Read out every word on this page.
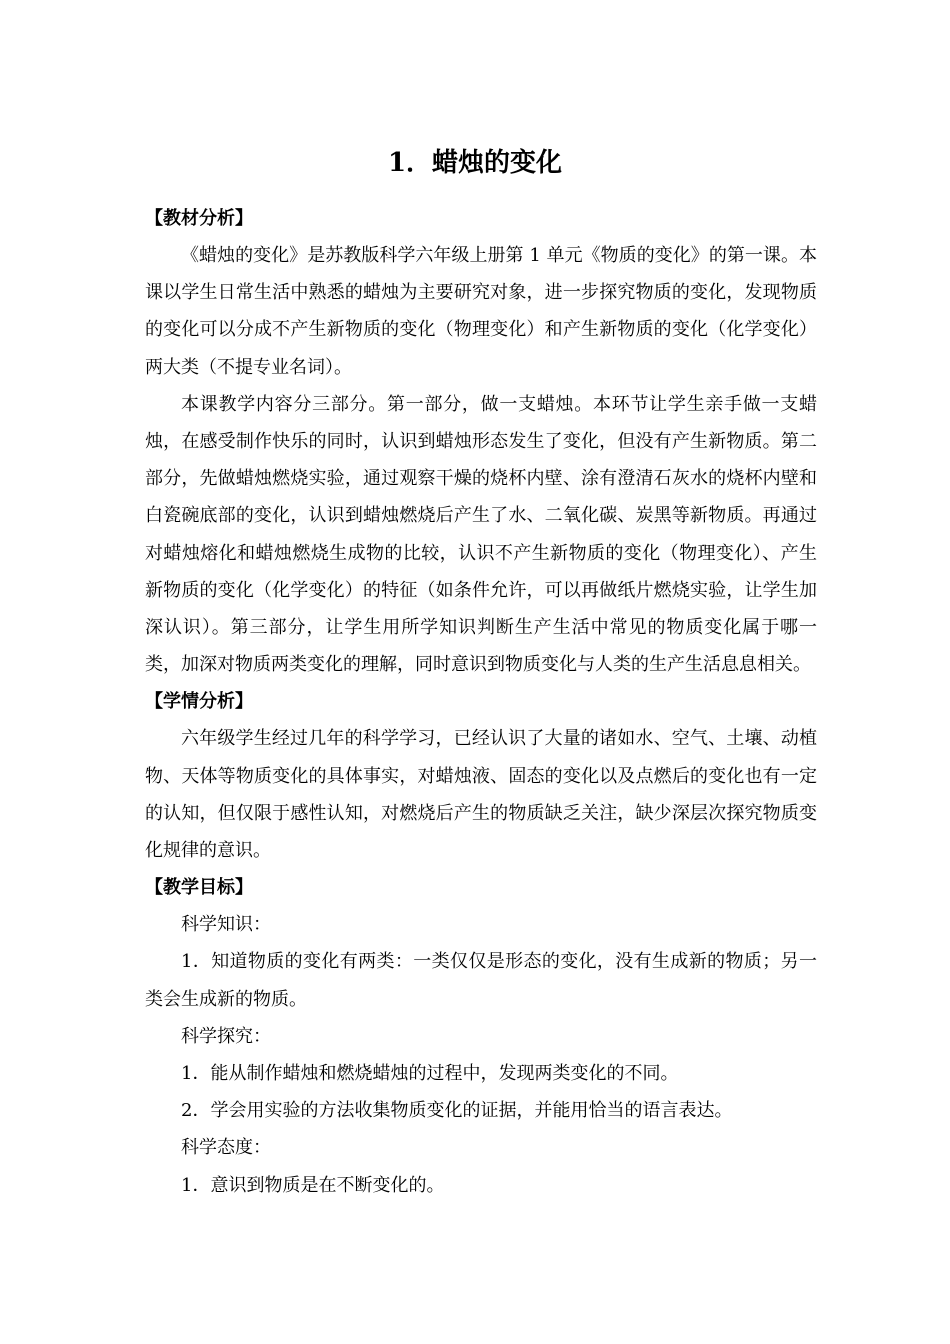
1．蜡烛的变化

【教材分析】

《蜡烛的变化》是苏教版科学六年级上册第 1 单元《物质的变化》的第一课。本课以学生日常生活中熟悉的蜡烛为主要研究对象，进一步探究物质的变化，发现物质的变化可以分成不产生新物质的变化（物理变化）和产生新物质的变化（化学变化）两大类（不提专业名词）。

本课教学内容分三部分。第一部分，做一支蜡烛。本环节让学生亲手做一支蜡烛，在感受制作快乐的同时，认识到蜡烛形态发生了变化，但没有产生新物质。第二部分，先做蜡烛燃烧实验，通过观察干燥的烧杯内壁、涂有澄清石灰水的烧杯内壁和白瓷碗底部的变化，认识到蜡烛燃烧后产生了水、二氧化碳、炭黑等新物质。再通过对蜡烛熔化和蜡烛燃烧生成物的比较，认识不产生新物质的变化（物理变化）、产生新物质的变化（化学变化）的特征（如条件允许，可以再做纸片燃烧实验，让学生加深认识）。第三部分，让学生用所学知识判断生产生活中常见的物质变化属于哪一类，加深对物质两类变化的理解，同时意识到物质变化与人类的生产生活息息相关。

【学情分析】

六年级学生经过几年的科学学习，已经认识了大量的诸如水、空气、土壤、动植物、天体等物质变化的具体事实，对蜡烛液、固态的变化以及点燃后的变化也有一定的认知，但仅限于感性认知，对燃烧后产生的物质缺乏关注，缺少深层次探究物质变化规律的意识。

【教学目标】

科学知识：

1．知道物质的变化有两类：一类仅仅是形态的变化，没有生成新的物质；另一类会生成新的物质。

科学探究：

1．能从制作蜡烛和燃烧蜡烛的过程中，发现两类变化的不同。

2．学会用实验的方法收集物质变化的证据，并能用恰当的语言表达。

科学态度：

1．意识到物质是在不断变化的。
